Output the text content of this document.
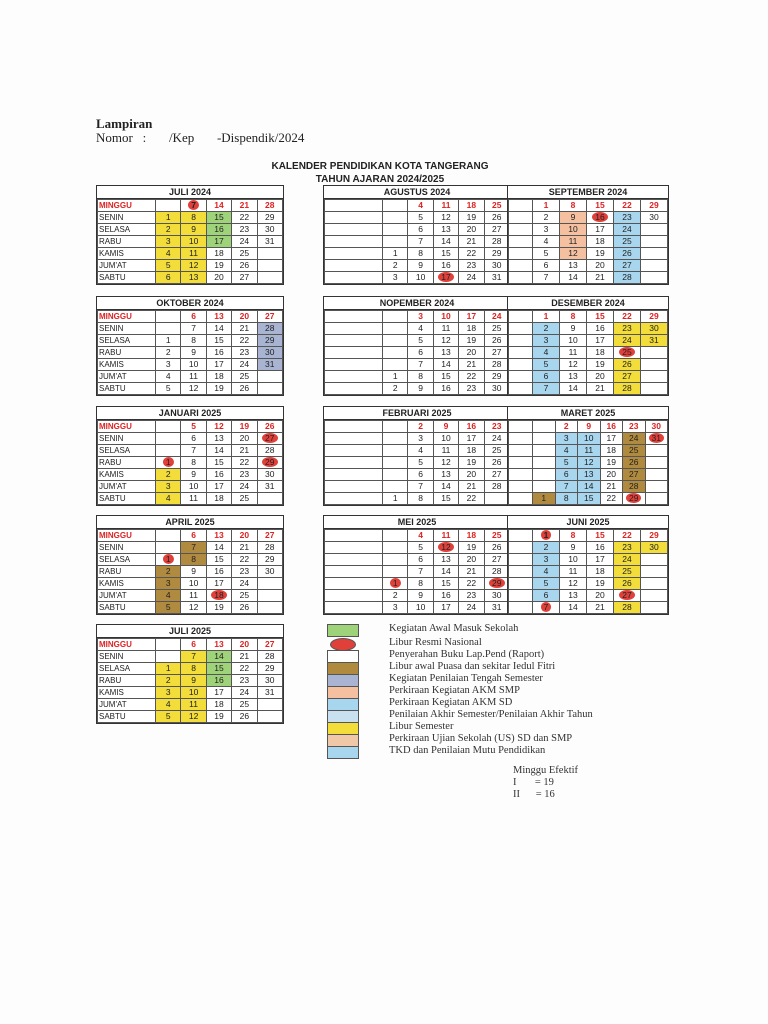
Lampiran
Nomor   :       /Kep       -Dispendik/2024
KALENDER PENDIDIKAN KOTA TANGERANG
TAHUN AJARAN 2024/2025
JULI 2024
MINGGU		7	14	21	28
SENIN	1	8	15	22	29
SELASA	2	9	16	23	30
RABU	3	10	17	24	31
KAMIS	4	11	18	25	
JUM'AT	5	12	19	26	
SABTU	6	13	20	27	
AGUSTUS 2024
		4	11	18	25
		5	12	19	26
		6	13	20	27
		7	14	21	28
	1	8	15	22	29
	2	9	16	23	30
	3	10	17	24	31
SEPTEMBER 2024
	1	8	15	22	29
	2	9	16	23	30
	3	10	17	24	
	4	11	18	25	
	5	12	19	26	
	6	13	20	27	
	7	14	21	28	
OKTOBER 2024
MINGGU		6	13	20	27
SENIN		7	14	21	28
SELASA	1	8	15	22	29
RABU	2	9	16	23	30
KAMIS	3	10	17	24	31
JUM'AT	4	11	18	25	
SABTU	5	12	19	26	
NOPEMBER 2024
		3	10	17	24
		4	11	18	25
		5	12	19	26
		6	13	20	27
		7	14	21	28
	1	8	15	22	29
	2	9	16	23	30
DESEMBER 2024
	1	8	15	22	29
	2	9	16	23	30
	3	10	17	24	31
	4	11	18	25	
	5	12	19	26	
	6	13	20	27	
	7	14	21	28	
JANUARI 2025
MINGGU		5	12	19	26
SENIN		6	13	20	27
SELASA		7	14	21	28
RABU	1	8	15	22	29
KAMIS	2	9	16	23	30
JUM'AT	3	10	17	24	31
SABTU	4	11	18	25	
FEBRUARI 2025
		2	9	16	23
		3	10	17	24
		4	11	18	25
		5	12	19	26
		6	13	20	27
		7	14	21	28
	1	8	15	22	
MARET 2025
		2	9	16	23	30
		3	10	17	24	31
		4	11	18	25	
		5	12	19	26	
		6	13	20	27	
		7	14	21	28	
	1	8	15	22	29	
APRIL 2025
MINGGU		6	13	20	27
SENIN		7	14	21	28
SELASA	1	8	15	22	29
RABU	2	9	16	23	30
KAMIS	3	10	17	24	
JUM'AT	4	11	18	25	
SABTU	5	12	19	26	
MEI 2025
		4	11	18	25
		5	12	19	26
		6	13	20	27
		7	14	21	28
	1	8	15	22	29
	2	9	16	23	30
	3	10	17	24	31
JUNI 2025
	1	8	15	22	29
	2	9	16	23	30
	3	10	17	24	
	4	11	18	25	
	5	12	19	26	
	6	13	20	27	
	7	14	21	28	
JULI 2025
MINGGU		6	13	20	27
SENIN		7	14	21	28
SELASA	1	8	15	22	29
RABU	2	9	16	23	30
KAMIS	3	10	17	24	31
JUM'AT	4	11	18	25	
SABTU	5	12	19	26	
Kegiatan Awal Masuk Sekolah
Libur Resmi Nasional
Penyerahan Buku Lap.Pend (Raport)
Libur awal Puasa dan sekitar Iedul Fitri
Kegiatan Penilaian Tengah Semester
Perkiraan Kegiatan AKM SMP
Perkiraan Kegiatan AKM SD
Penilaian Akhir Semester/Penilaian Akhir Tahun
Libur Semester
Perkiraan Ujian Sekolah (US) SD dan SMP
TKD dan Penilaian Mutu Pendidikan
Minggu Efektif
I       = 19
II      = 16
